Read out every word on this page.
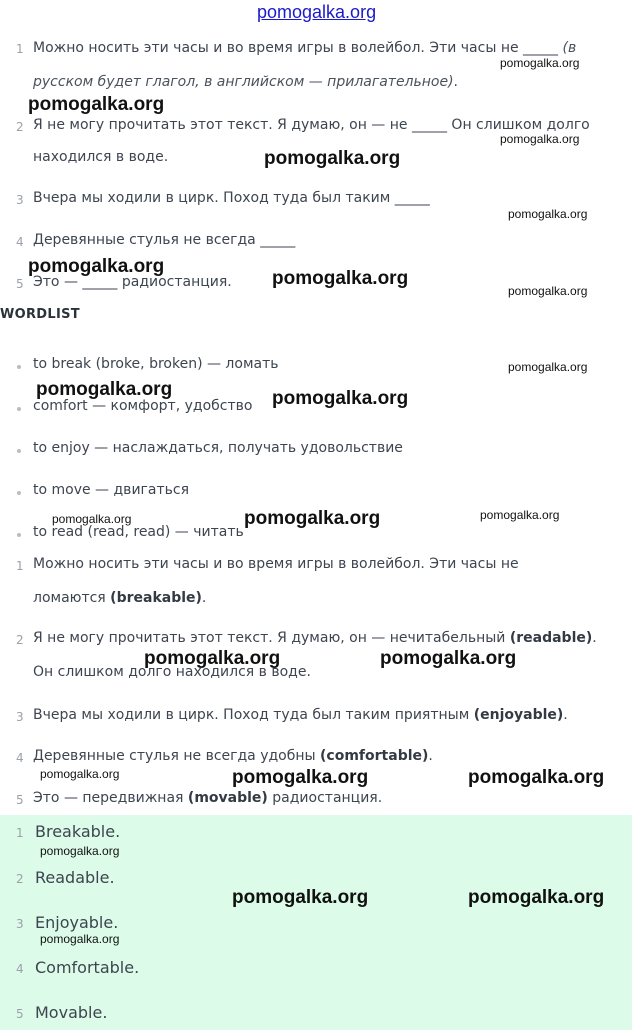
pomogalka.org
1 Можно носить эти часы и во время игры в волейбол. Эти часы не _____ (в
русском будет глагол, в английском — прилагательное).
2 Я не могу прочитать этот текст. Я думаю, он — не _____ Он слишком долго
находился в воде.
3 Вчера мы ходили в цирк. Поход туда был таким _____
4 Деревянные стулья не всегда _____
5 Это — _____ радиостанция.
WORDLIST
to break (broke, broken) — ломать
comfort — комфорт, удобство
to enjoy — наслаждаться, получать удовольствие
to move — двигаться
to read (read, read) — читать
1 Можно носить эти часы и во время игры в волейбол. Эти часы не
ломаются (breakable).
2 Я не могу прочитать этот текст. Я думаю, он — нечитабельный (readable).
Он слишком долго находился в воде.
3 Вчера мы ходили в цирк. Поход туда был таким приятным (enjoyable).
4 Деревянные стулья не всегда удобны (comfortable).
5 Это — передвижная (movable) радиостанция.
1 Breakable.
2 Readable.
3 Enjoyable.
4 Comfortable.
5 Movable.
pomogalka.org
pomogalka.org
pomogalka.org
pomogalka.org
pomogalka.org
pomogalka.org
pomogalka.org
pomogalka.org
pomogalka.org
pomogalka.org	pomogalka.org
pomogalka.org	pomogalka.org	pomogalka.org
pomogalka.org	pomogalka.org
pomogalka.org	pomogalka.org	pomogalka.org
pomogalka.org
pomogalka.org	pomogalka.org
pomogalka.org
